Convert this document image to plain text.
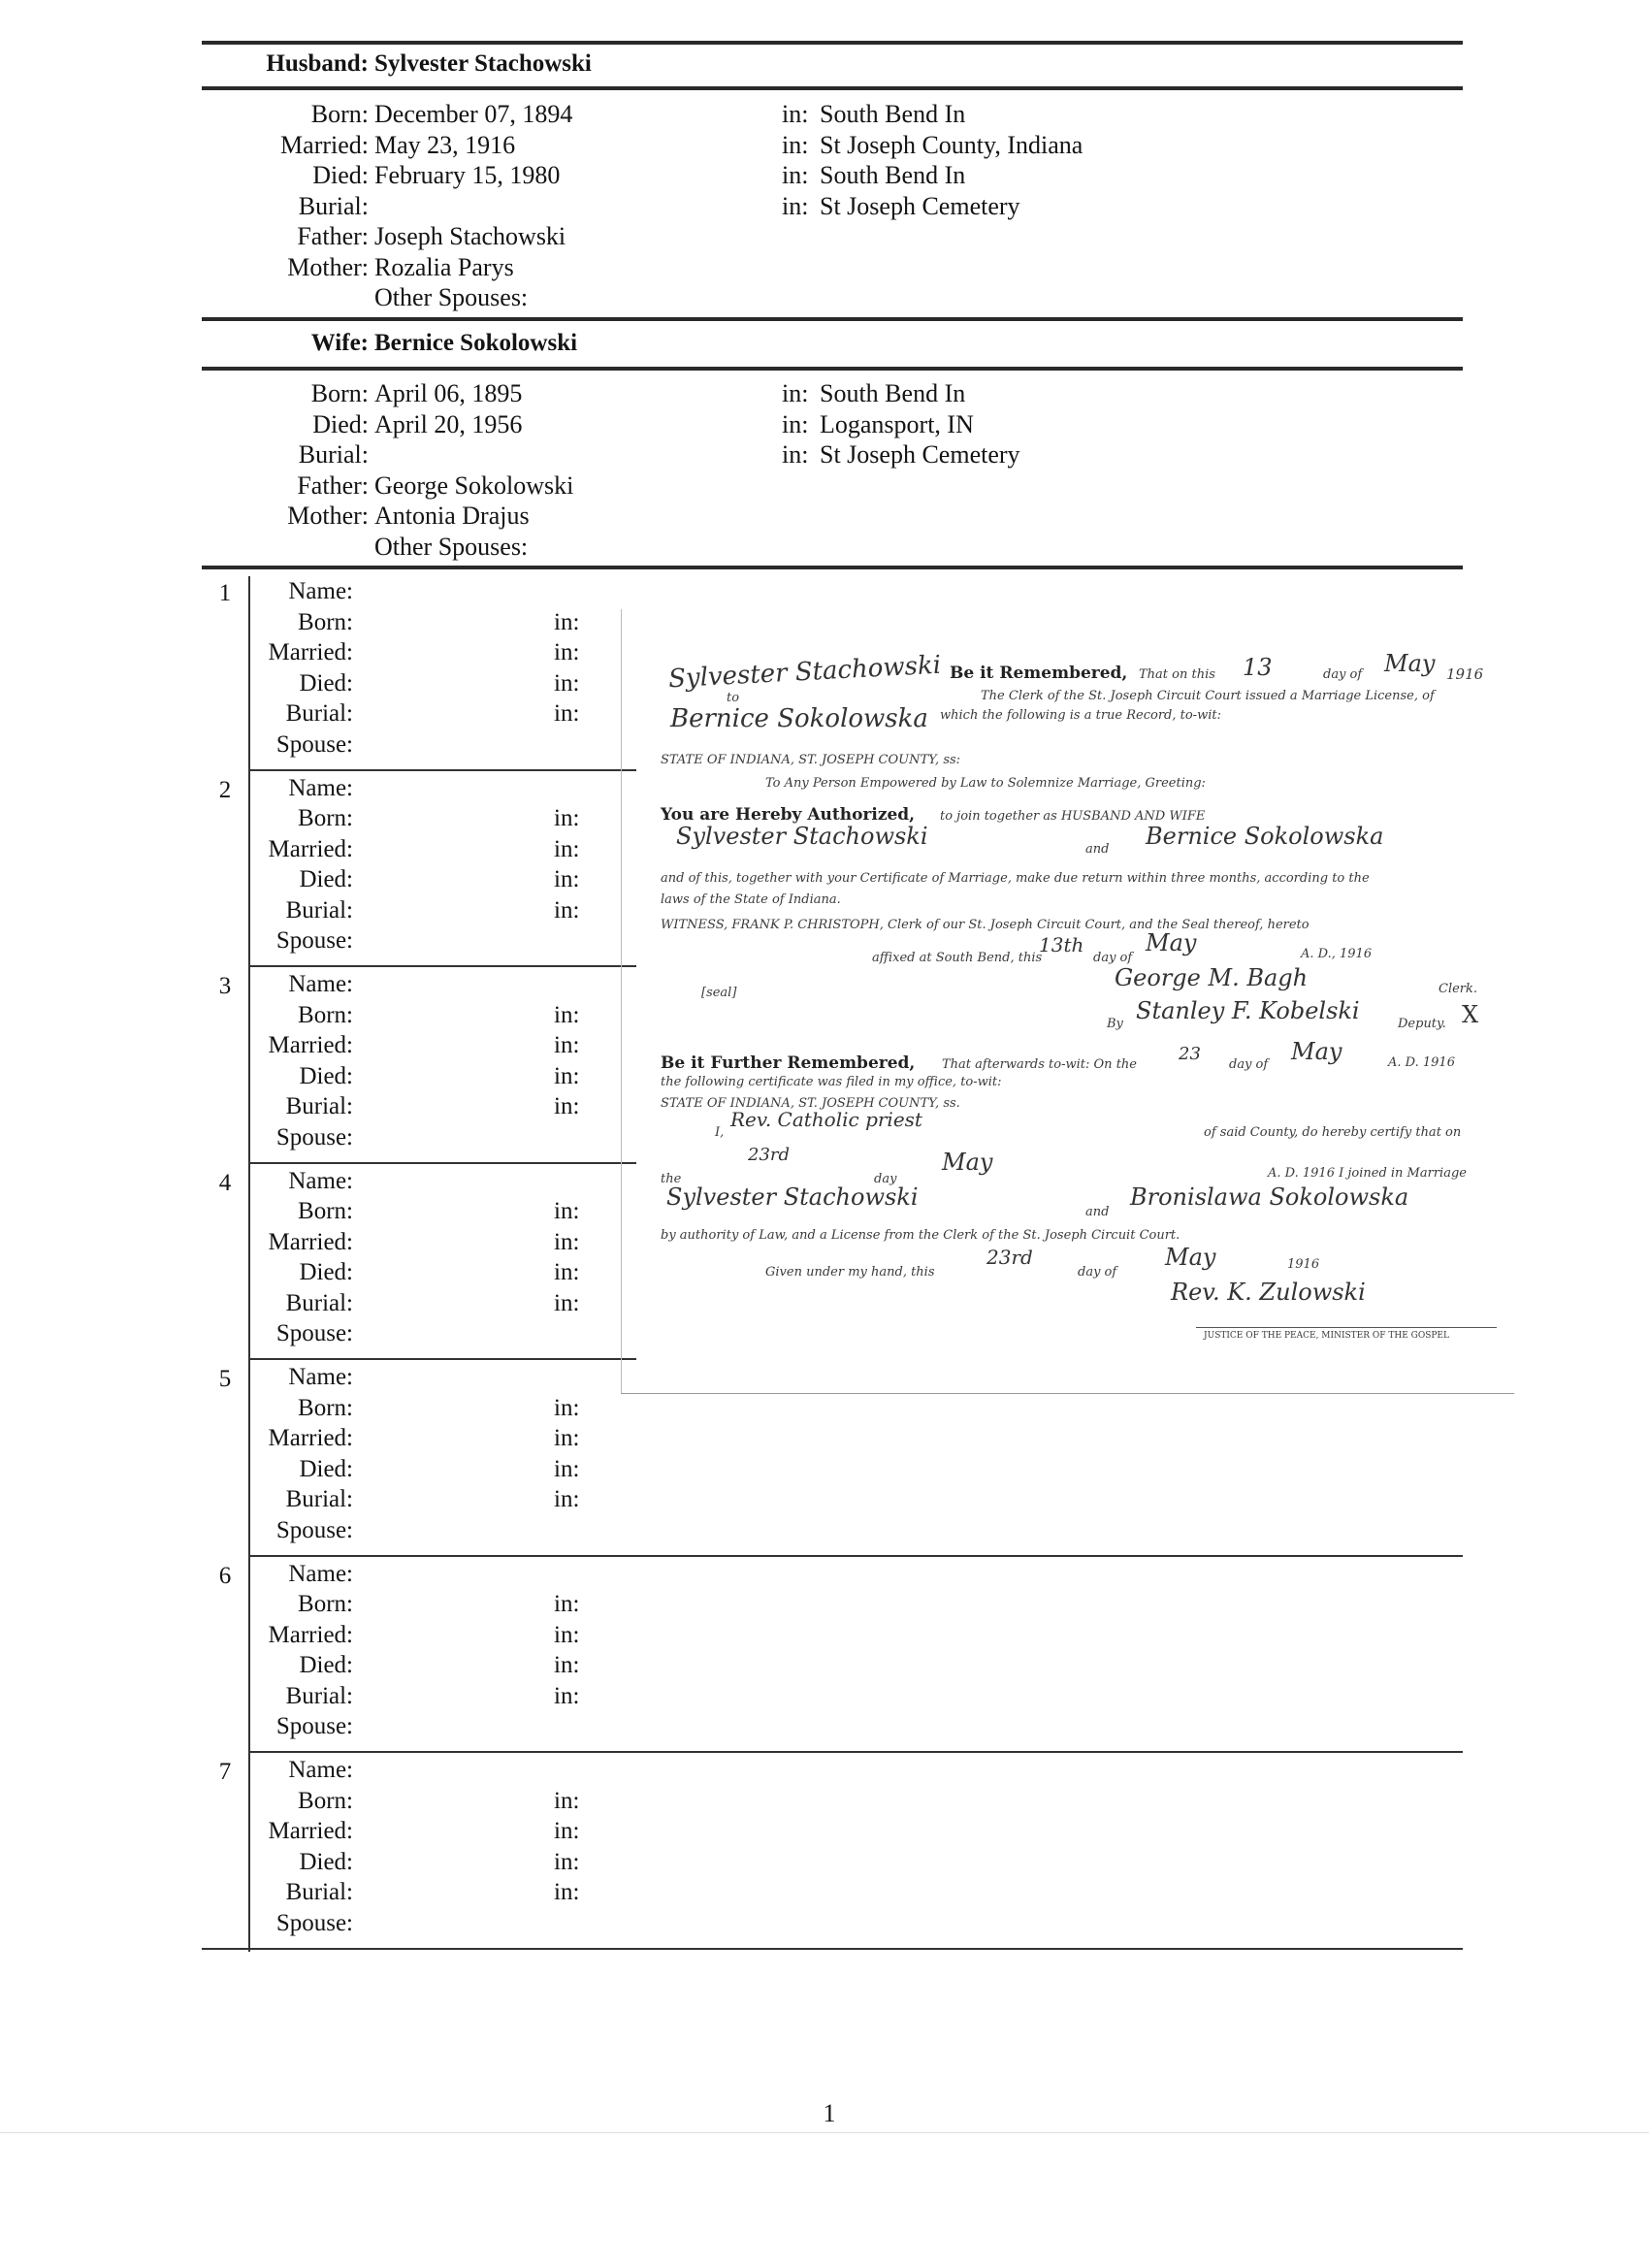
Husband: Sylvester Stachowski
Born: December 07, 1894	in: South Bend In
Married: May 23, 1916	in: St Joseph County, Indiana
Died: February 15, 1980	in: South Bend In
Burial:	in: St Joseph Cemetery
Father: Joseph Stachowski
Mother: Rozalia Parys
Other Spouses:
Wife: Bernice Sokolowski
Born: April 06, 1895	in: South Bend In
Died: April 20, 1956	in: Logansport, IN
Burial:	in: St Joseph Cemetery
Father: George Sokolowski
Mother: Antonia Drajus
Other Spouses:
1	Name:
Born:	in:
Married:	in:
Died:	in:
Burial:	in:
Spouse:
2	Name:
Born:	in:
Married:	in:
Died:	in:
Burial:	in:
Spouse:
3	Name:
Born:	in:
Married:	in:
Died:	in:
Burial:	in:
Spouse:
4	Name:
Born:	in:
Married:	in:
Died:	in:
Burial:	in:
Spouse:
5	Name:
Born:	in:
Married:	in:
Died:	in:
Burial:	in:
Spouse:
6	Name:
Born:	in:
Married:	in:
Died:	in:
Burial:	in:
Spouse:
7	Name:
Born:	in:
Married:	in:
Died:	in:
Burial:	in:
Spouse:
Sylvester Stachowski
to
Bernice Sokolowska
Be it Remembered, That on this 13	day of May 1916
The Clerk of the St. Joseph Circuit Court issued a Marriage License, of
which the following is a true Record, to-wit:
STATE OF INDIANA, ST. JOSEPH COUNTY, ss:
To Any Person Empowered by Law to Solemnize Marriage, Greeting:
You are Hereby Authorized, to join together as HUSBAND AND WIFE
Sylvester Stachowski	and Bernice Sokolowska
and of this, together with your Certificate of Marriage, make due return within three months, according to the
laws of the State of Indiana.
WITNESS, FRANK P. CHRISTOPH, Clerk of our St. Joseph Circuit Court, and the Seal thereof, hereto
affixed at South Bend, this
13th
day of
May	A. D., 1916
[seal]
George M. Bagh	Clerk.
By Stanley F. Kobelski	Deputy. X
Be it Further Remembered, That afterwards to-wit: On the
23
day of May	A. D. 1916
the following certificate was filed in my office, to-wit:
STATE OF INDIANA, ST. JOSEPH COUNTY, ss.
I,
Rev. Catholic priest
of said County, do hereby certify that on
the
23rd
day
May	A. D. 1916 I joined in Marriage
Sylvester Stachowski
and
Bronislawa Sokolowska
by authority of Law, and a License from the Clerk of the St. Joseph Circuit Court.
Given under my hand, this
23rd
day of
May	1916
Rev. K. Zulowski
JUSTICE OF THE PEACE, MINISTER OF THE GOSPEL
1
